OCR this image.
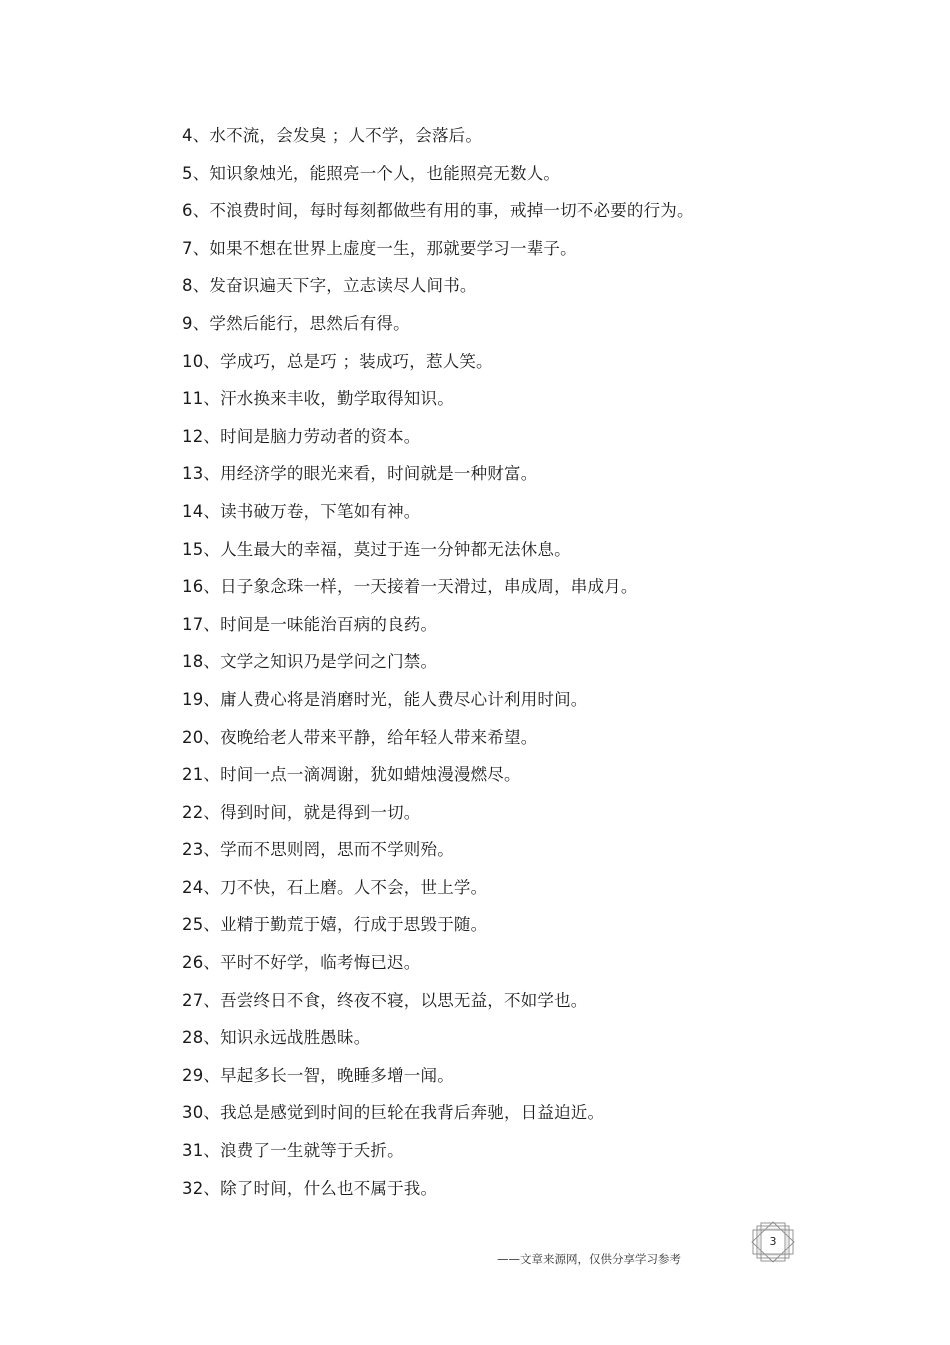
4、水不流，会发臭 ；人不学，会落后。
5、知识象烛光，能照亮一个人，也能照亮无数人。
6、不浪费时间，每时每刻都做些有用的事，戒掉一切不必要的行为。
7、如果不想在世界上虚度一生，那就要学习一辈子。
8、发奋识遍天下字，立志读尽人间书。
9、学然后能行，思然后有得。
10、学成巧，总是巧 ；装成巧，惹人笑。
11、汗水换来丰收，勤学取得知识。
12、时间是脑力劳动者的资本。
13、用经济学的眼光来看，时间就是一种财富。
14、读书破万卷，下笔如有神。
15、人生最大的幸福，莫过于连一分钟都无法休息。
16、日子象念珠一样，一天接着一天滑过，串成周，串成月。
17、时间是一味能治百病的良药。
18、文学之知识乃是学问之门禁。
19、庸人费心将是消磨时光，能人费尽心计利用时间。
20、夜晚给老人带来平静，给年轻人带来希望。
21、时间一点一滴凋谢，犹如蜡烛漫漫燃尽。
22、得到时间，就是得到一切。
23、学而不思则罔，思而不学则殆。
24、刀不快，石上磨。人不会，世上学。
25、业精于勤荒于嬉，行成于思毁于随。
26、平时不好学，临考悔已迟。
27、吾尝终日不食，终夜不寝，以思无益，不如学也。
28、知识永远战胜愚昧。
29、早起多长一智，晚睡多增一闻。
30、我总是感觉到时间的巨轮在我背后奔驰，日益迫近。
31、浪费了一生就等于夭折。
32、除了时间，什么也不属于我。
——文章来源网，仅供分享学习参考
3
